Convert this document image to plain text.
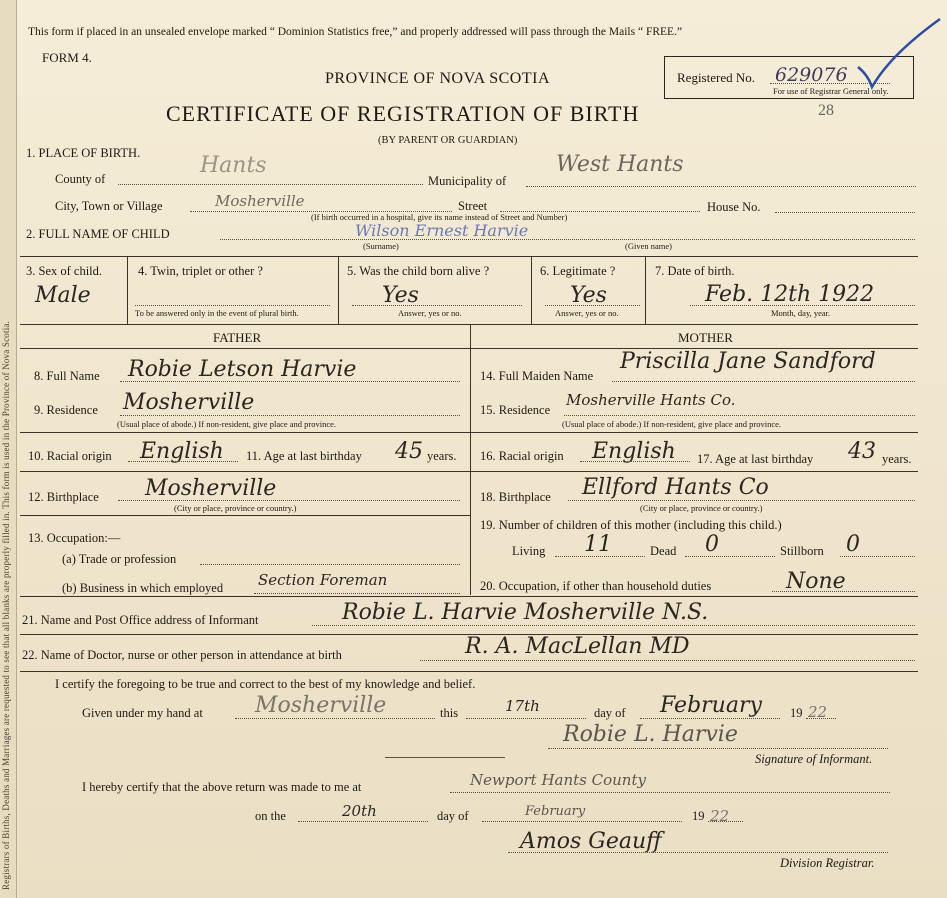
Registrars of Births, Deaths and Marriages are requested to see that all blanks are properly filled in. This form is used in the Province of Nova Scotia.
This form if placed in an unsealed envelope marked “ Dominion Statistics free,” and properly addressed will pass through the Mails “ FREE.”
FORM 4.
PROVINCE OF NOVA SCOTIA
CERTIFICATE OF REGISTRATION OF BIRTH
(BY PARENT OR GUARDIAN)
28
Registered No. 629076
For use of Registrar General only.
1. PLACE OF BIRTH.
County of
Hants
Municipality of
West Hants
City, Town or Village	Mosherville	Street	House No.
(If birth occurred in a hospital, give its name instead of Street and Number)
2. FULL NAME OF CHILD	Wilson Ernest Harvie
(Surname)	(Given name)
3. Sex of child.
Male
4. Twin, triplet or other ?
To be answered only in the event of plural birth.
5. Was the child born alive ?
Yes
Answer, yes or no.
6. Legitimate ?
Yes
Answer, yes or no.
7. Date of birth.
Feb. 12th 1922
Month, day, year.
FATHER	MOTHER
8. Full Name Robie Letson Harvie
9. Residence Mosherville
(Usual place of abode.) If non-resident, give place and province.
10. Racial origin English 11. Age at last birthday 45 years.
12. Birthplace Mosherville
(City or place, province or country.)
13. Occupation:—
(a) Trade or profession
(b) Business in which employed Section Foreman
14. Full Maiden Name
Priscilla Jane Sandford
15. Residence
Mosherville Hants Co.
(Usual place of abode.) If non-resident, give place and province.
16. Racial origin English 17. Age at last birthday 43 years.
18. Birthplace Ellford Hants Co
(City or place, province or country.)
19. Number of children of this mother (including this child.)
Living 11	Dead 0	Stillborn 0
20. Occupation, if other than household duties	None
21. Name and Post Office address of Informant	Robie L. Harvie Mosherville N.S.
22. Name of Doctor, nurse or other person in attendance at birth	R. A. MacLellan MD
I certify the foregoing to be true and correct to the best of my knowledge and belief.
Given under my hand at Mosherville	this	17th	day of February 19 22
Robie L. Harvie
Signature of Informant.
I hereby certify that the above return was made to me at	Newport Hants County
on the	20th	day of	February	19 22
Amos Geauff
Division Registrar.
